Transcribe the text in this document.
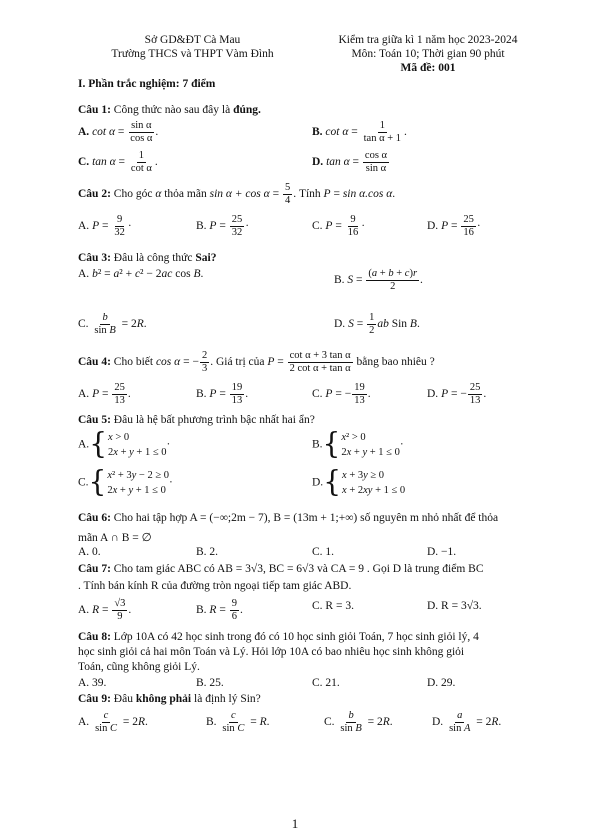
Sở GD&ĐT Cà Mau
Trường THCS và THPT Vàm Đình
Kiểm tra giữa kì 1 năm học 2023-2024
Môn: Toán 10; Thời gian 90 phút
Mã đề: 001
I. Phần trắc nghiệm: 7 điểm
Câu 1: Công thức nào sau đây là đúng.
A. $\cot \alpha = \frac{\text{sin α}}{\text{cos α}}$ .	B. $\cot \alpha = \frac{1}{\text{tan α + 1}}$ .
C. $\tan \alpha = \frac{1}{\text{cot α}}$ .	D. $\tan \alpha = \frac{\text{cos α}}{\text{sin α}}$
Câu 2: Cho góc α thỏa mãn $\sin \alpha + \cos \alpha = \frac{5}{4}$ . Tính P = sin α.cos α.
A. $P = \frac{9}{32}$ ·	B. $P = \frac{25}{32}$ ·	C. $P = \frac{9}{16}$ ·	D. $P = \frac{25}{16}$ ·
Câu 3: Đâu là công thức Sai?
A. b² = a² + c² − 2ac cos B.
B. $S = \frac{(a + b + c)r}{2}$ .
C. $\frac{b}{\text{sin B}} = 2R$.	D. $S = \frac{1}{2}$ ab Sin B.
Câu 4: Cho biết cos α = − $\frac{2}{3}$ . Giá trị của $P = \frac{\text{cot α + 3 tan α}}{\text{2 cot α + tan α}}$ bằng bao nhiêu ?
A. $P = \frac{25}{13}$ .	B. $P = \frac{19}{13}$ .	C. P = − $\frac{19}{13}$ .	D. P = − $\frac{25}{13}$ .
Câu 5: Đâu là hệ bất phương trình bậc nhất hai ẩn?
A. { x > 0
2x + y + 1 ≤ 0
·	B. { x² > 0
2x + y + 1 ≤ 0
·
C. { x² + 3y − 2 ≥ 0
2x + y + 1 ≤ 0
·	D. { x + 3y ≥ 0
x + 2xy + 1 ≤ 0
Câu 6: Cho hai tập hợp A = (−∞;2m − 7), B = (13m + 1;+∞) số nguyên m nhỏ nhất để thỏa
mãn A ∩ B = ∅
A. 0.	B. 2.	C. 1.	D. −1.
Câu 7: Cho tam giác ABC có AB = 3√3, BC = 6√3 và CA = 9 . Gọi D là trung điểm BC
. Tính bán kính R của đường tròn ngoại tiếp tam giác ABD.
A. $R = \frac{√3}{9}$ .	B. $R = \frac{9}{6}$ .	C. R = 3.	D. R = 3√3.
Câu 8: Lớp 10A có 42 học sinh trong đó có 10 học sinh giỏi Toán, 7 học sinh giỏi lý, 4
học sinh giỏi cả hai môn Toán và Lý. Hỏi lớp 10A có bao nhiêu học sinh không giỏi
Toán, cũng không giỏi Lý.
A. 39.	B. 25.	C. 21.	D. 29.
Câu 9: Đâu không phải là định lý Sin?
A. $\frac{c}{\text{sin C}} = 2R$.	B. $\frac{c}{\text{sin C}} = R$.	C. $\frac{b}{\text{sin B}} = 2R$.	D. $\frac{a}{\text{sin A}} = 2R$.
1
